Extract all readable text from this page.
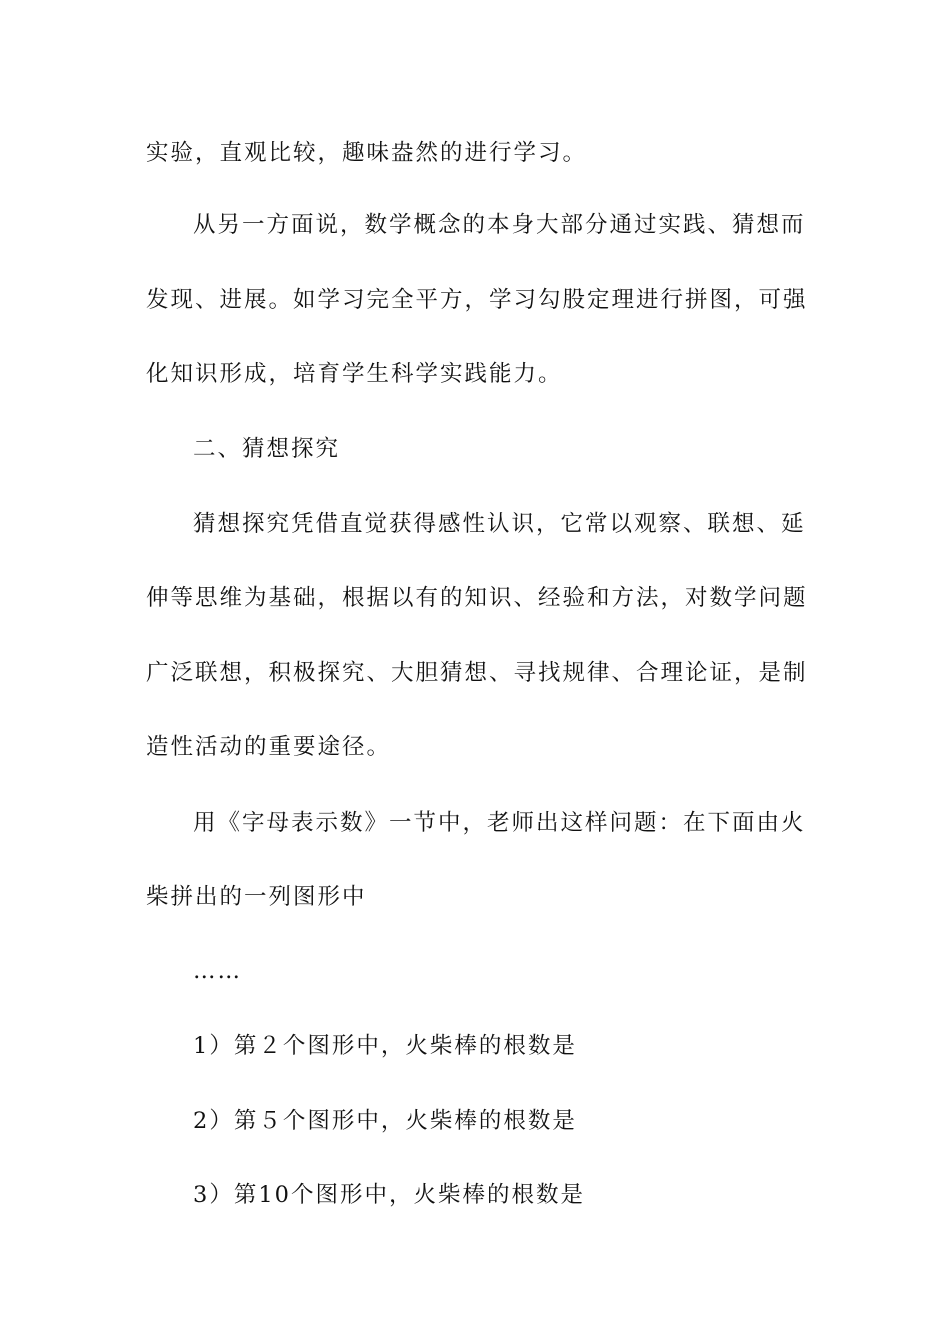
实验，直观比较，趣味盎然的进行学习。
从另一方面说，数学概念的本身大部分通过实践、猜想而
发现、进展。如学习完全平方，学习勾股定理进行拼图，可强
化知识形成，培育学生科学实践能力。
二、猜想探究
猜想探究凭借直觉获得感性认识，它常以观察、联想、延
伸等思维为基础，根据以有的知识、经验和方法，对数学问题
广泛联想，积极探究、大胆猜想、寻找规律、合理论证，是制
造性活动的重要途径。
用《字母表示数》一节中，老师出这样问题：在下面由火
柴拼出的一列图形中
……
1）第２个图形中，火柴棒的根数是
2）第５个图形中，火柴棒的根数是
3）第10个图形中，火柴棒的根数是
